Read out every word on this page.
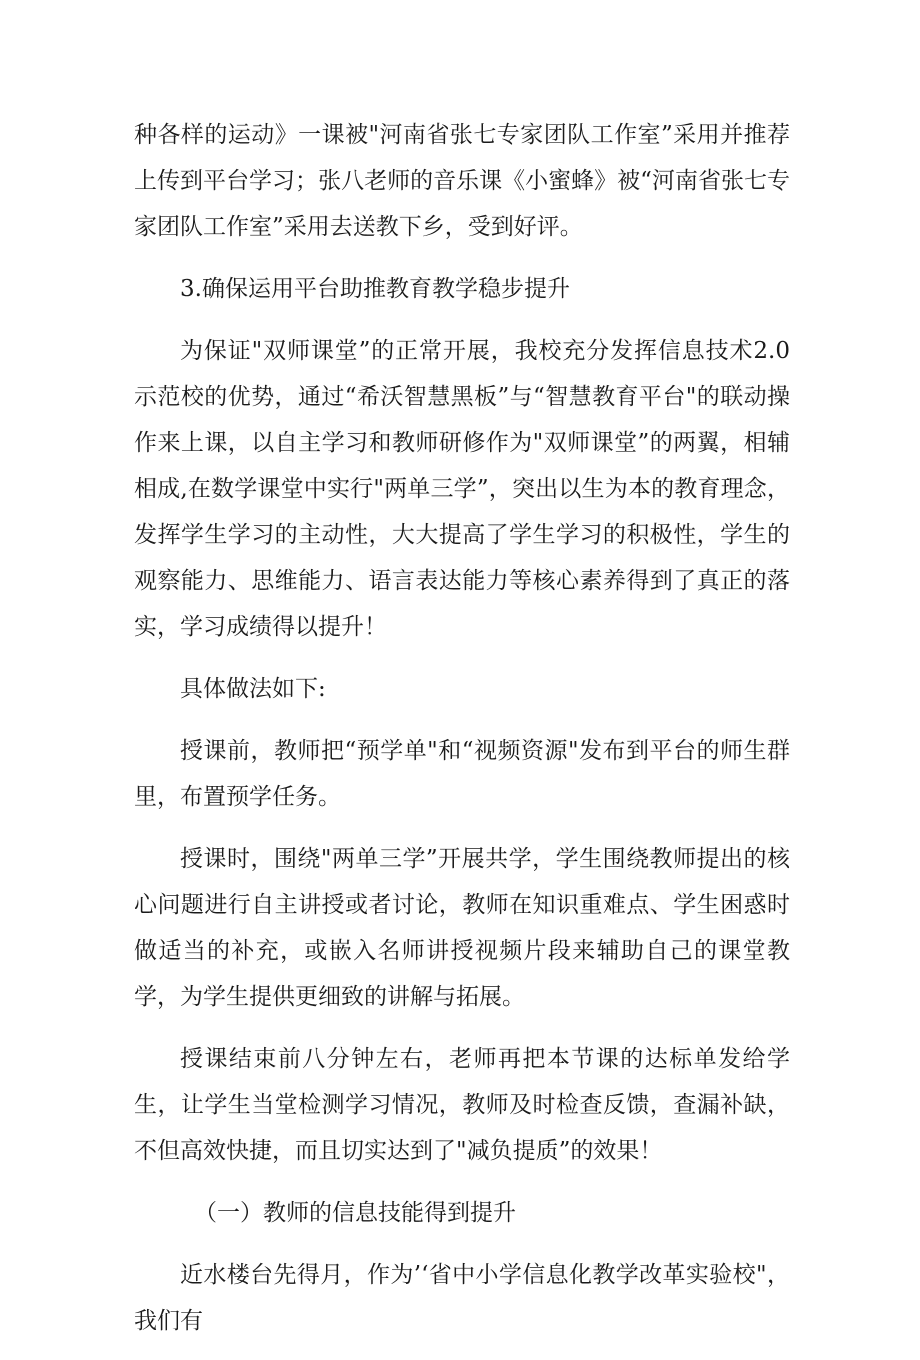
种各样的运动》一课被"河南省张七专家团队工作室”采用并推荐上传到平台学习；张八老师的音乐课《小蜜蜂》被“河南省张七专家团队工作室”采用去送教下乡，受到好评。

3.确保运用平台助推教育教学稳步提升

为保证"双师课堂”的正常开展，我校充分发挥信息技术2.0示范校的优势，通过“希沃智慧黑板”与“智慧教育平台"的联动操作来上课，以自主学习和教师研修作为"双师课堂”的两翼，相辅相成,在数学课堂中实行"两单三学”，突出以生为本的教育理念，发挥学生学习的主动性，大大提高了学生学习的积极性，学生的观察能力、思维能力、语言表达能力等核心素养得到了真正的落实，学习成绩得以提升！

具体做法如下:

授课前，教师把“预学单"和“视频资源"发布到平台的师生群里，布置预学任务。

授课时，围绕"两单三学”开展共学，学生围绕教师提出的核心问题进行自主讲授或者讨论，教师在知识重难点、学生困惑时做适当的补充，或嵌入名师讲授视频片段来辅助自己的课堂教学，为学生提供更细致的讲解与拓展。

授课结束前八分钟左右，老师再把本节课的达标单发给学生，让学生当堂检测学习情况，教师及时检查反馈，查漏补缺，不但高效快捷，而且切实达到了"减负提质”的效果！

（一）教师的信息技能得到提升

近水楼台先得月，作为’‘省中小学信息化教学改革实验校"，我们有
